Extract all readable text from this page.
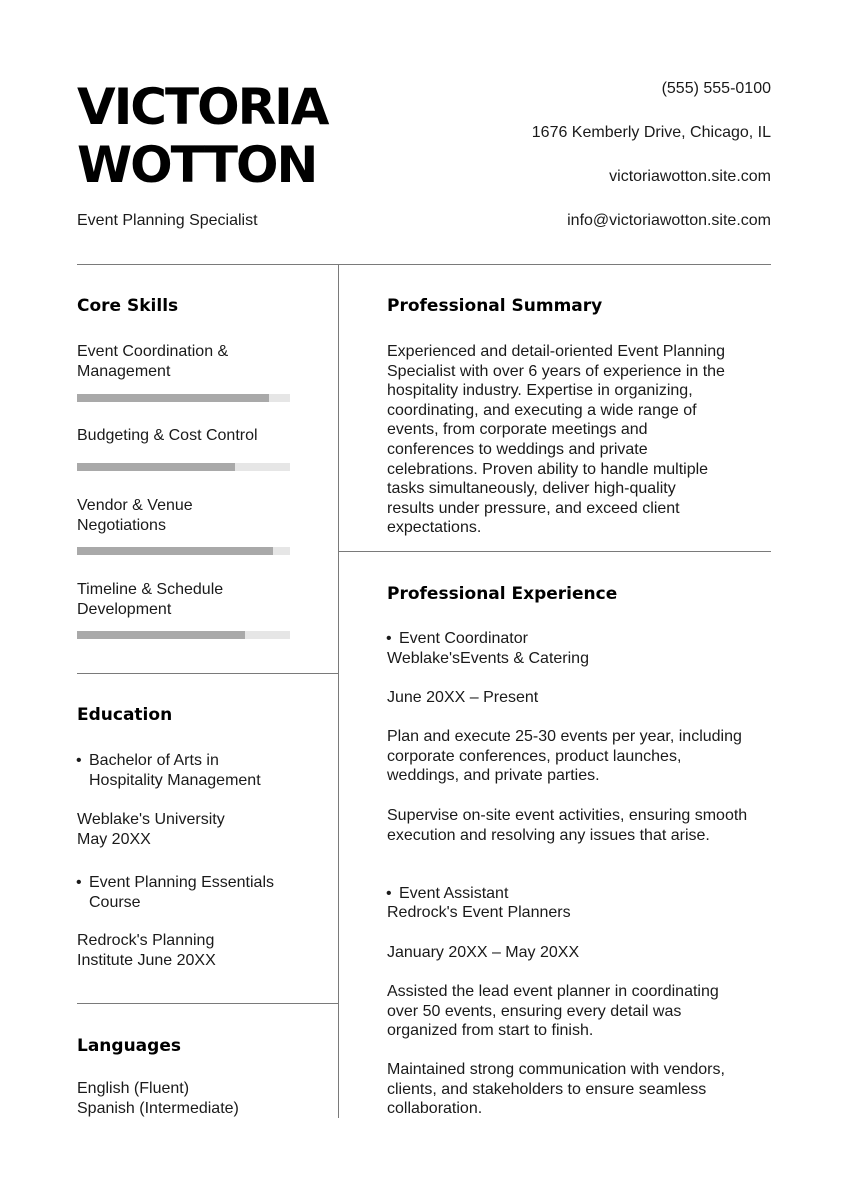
VICTORIA
WOTTON
Event Planning Specialist
(555) 555-0100
1676 Kemberly Drive, Chicago, IL
victoriawotton.site.com
info@victoriawotton.site.com
Core Skills
Event Coordination &
Management
Budgeting & Cost Control
Vendor & Venue
Negotiations
Timeline & Schedule
Development
Education
• Bachelor of Arts in
Hospitality Management
Weblake's University
May 20XX
• Event Planning Essentials
Course
Redrock's Planning
Institute June 20XX
Languages
English (Fluent)
Spanish (Intermediate)
Professional Summary
Experienced and detail-oriented Event Planning
Specialist with over 6 years of experience in the
hospitality industry. Expertise in organizing,
coordinating, and executing a wide range of
events, from corporate meetings and
conferences to weddings and private
celebrations. Proven ability to handle multiple
tasks simultaneously, deliver high-quality
results under pressure, and exceed client
expectations.
Professional Experience
• Event Coordinator
Weblake'sEvents & Catering
June 20XX – Present
Plan and execute 25-30 events per year, including
corporate conferences, product launches,
weddings, and private parties.
Supervise on-site event activities, ensuring smooth
execution and resolving any issues that arise.
• Event Assistant
Redrock's Event Planners
January 20XX – May 20XX
Assisted the lead event planner in coordinating
over 50 events, ensuring every detail was
organized from start to finish.
Maintained strong communication with vendors,
clients, and stakeholders to ensure seamless
collaboration.
